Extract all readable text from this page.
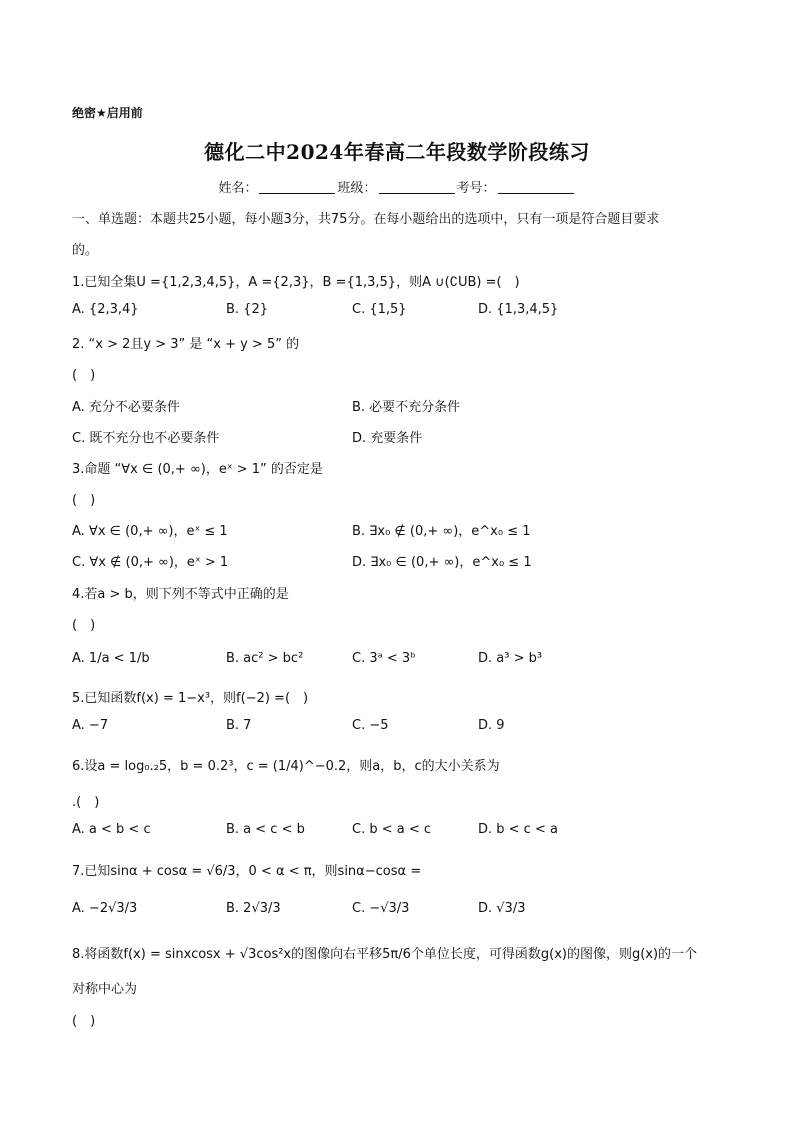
绝密★启用前
德化二中2024年春高二年段数学阶段练习
姓名：	班级：	考号：
一、单选题：本题共25小题，每小题3分，共75分。在每小题给出的选项中，只有一项是符合题目要求
的。
1.已知全集U ={1,2,3,4,5}，A ={2,3}，B ={1,3,5}，则A ∪(∁UB) =(　)
A. {2,3,4}	B. {2}	C. {1,5}	D. {1,3,4,5}
2. “x > 2且y > 3” 是 “x + y > 5” 的
(　)
A. 充分不必要条件	B. 必要不充分条件
C. 既不充分也不必要条件	D. 充要条件
3.命题 “∀x ∈ (0,+ ∞)，eˣ > 1” 的否定是
(　)
A. ∀x ∈ (0,+ ∞)，eˣ ≤ 1	B. ∃x₀ ∉ (0,+ ∞)，e^x₀ ≤ 1
C. ∀x ∉ (0,+ ∞)，eˣ > 1	D. ∃x₀ ∈ (0,+ ∞)，e^x₀ ≤ 1
4.若a > b，则下列不等式中正确的是
(　)
A. 1/a < 1/b	B. ac² > bc²	C. 3ᵃ < 3ᵇ	D. a³ > b³
5.已知函数f(x) = 1−x³，则f(−2) =(　)
A. −7	B. 7	C. −5	D. 9
6.设a = log₀.₂5，b = 0.2³，c = (1/4)^−0.2，则a，b，c的大小关系为
.(　)
A. a < b < c	B. a < c < b	C. b < a < c	D. b < c < a
7.已知sinα + cosα = √6/3，0 < α < π，则sinα−cosα =
A. −2√3/3	B. 2√3/3	C. −√3/3	D. √3/3
8.将函数f(x) = sinxcosx + √3cos²x的图像向右平移5π/6个单位长度，可得函数g(x)的图像，则g(x)的一个
对称中心为
(　)
